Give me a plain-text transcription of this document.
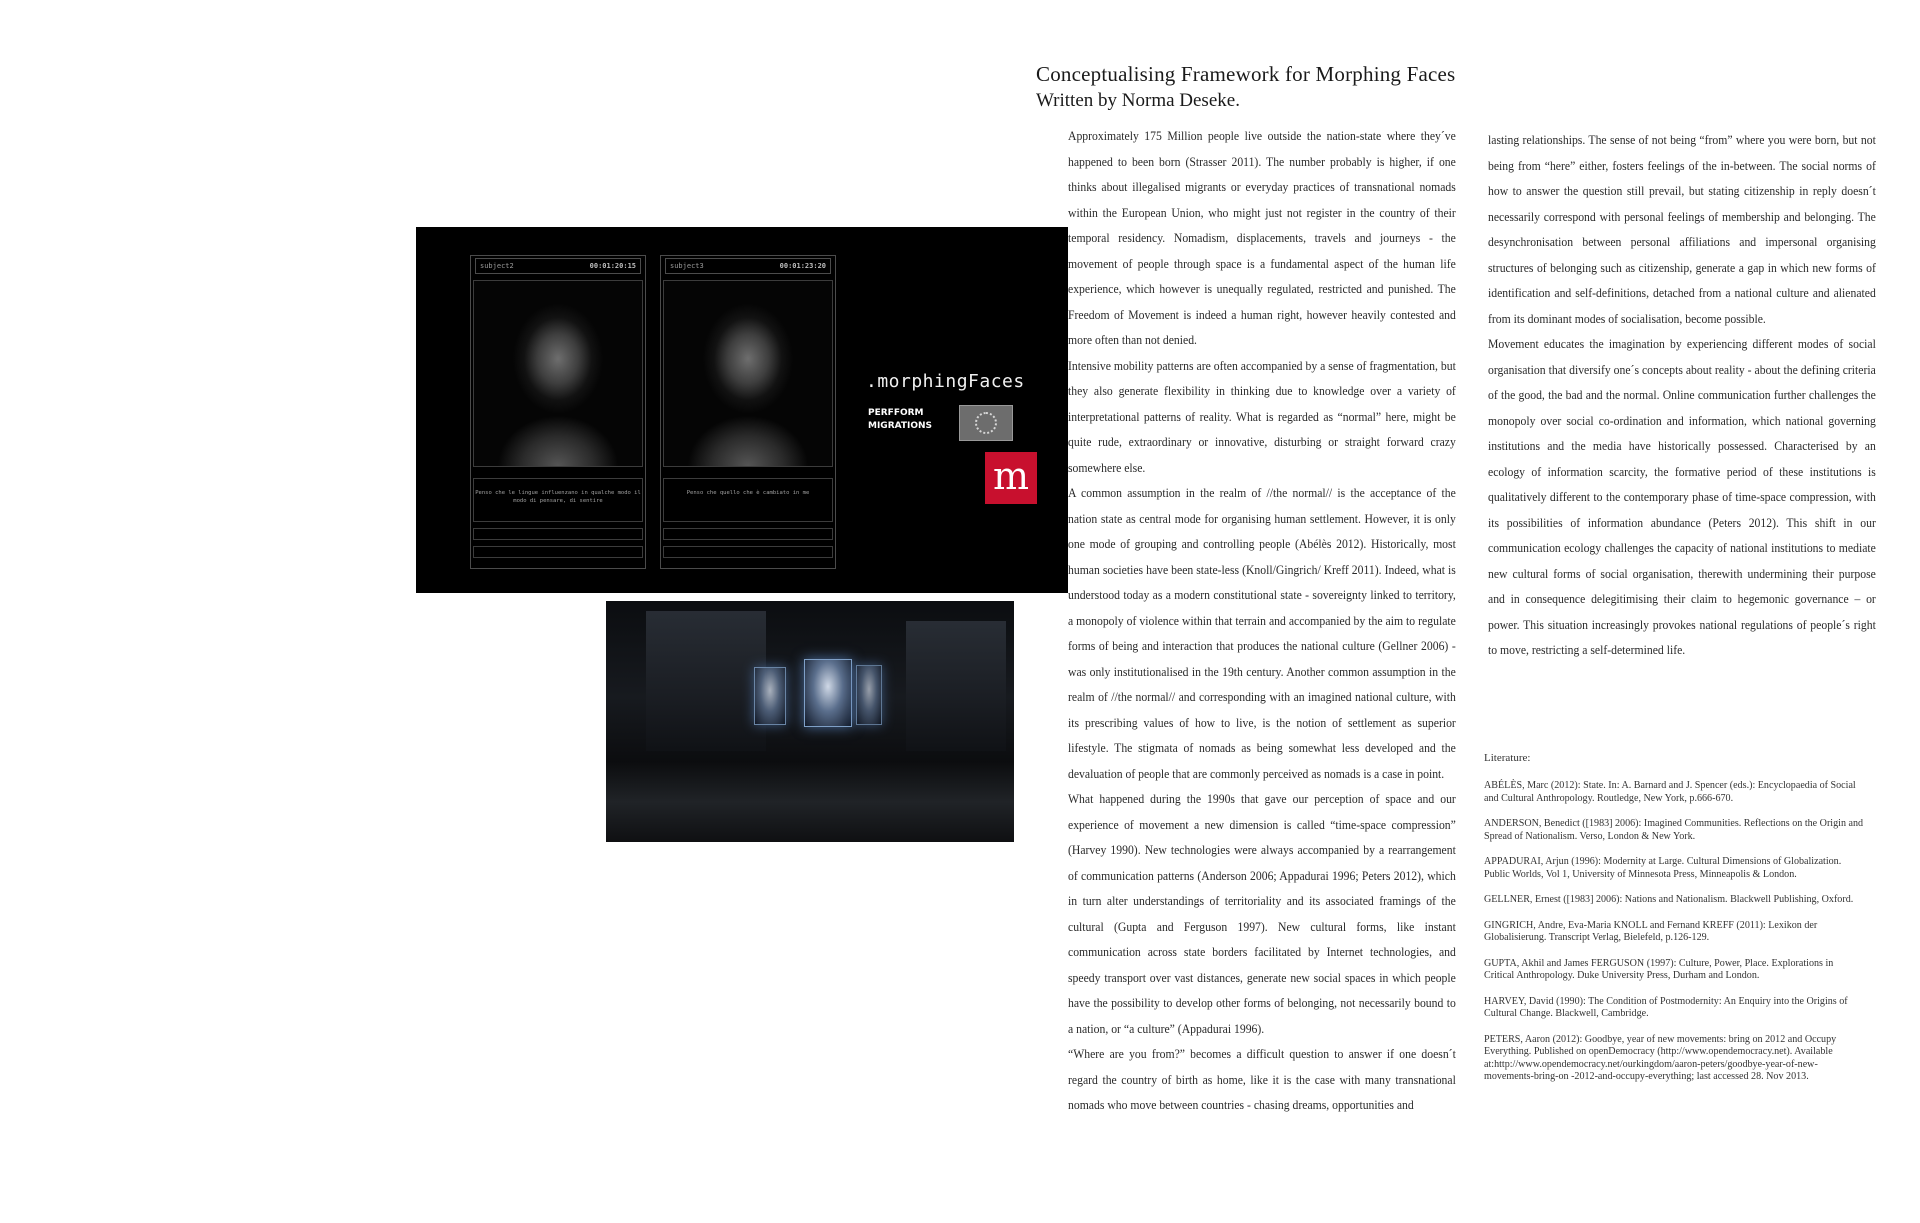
Conceptualising Framework for Morphing Faces
Written by Norma Deseke.
subject2	00:01:20:15
Penso che le lingue influenzano in qualche modo il modo di pensare, di sentire
subject3	00:01:23:20
Penso che quello che è cambiato in me
.morphingFaces
PERFFORM
MIGRATIONS
m

Approximately 175 Million people live outside the nation-state where they´ve happened to been born (Strasser 2011). The number probably is higher, if one thinks about illegalised migrants or everyday practices of transnational nomads within the European Union, who might just not register in the country of their temporal residency. Nomadism, displacements, travels and journeys - the movement of people through space is a fundamental aspect of the human life experience, which however is unequally regulated, restricted and punished. The Freedom of Movement is indeed a human right, however heavily contested and more often than not denied.

Intensive mobility patterns are often accompanied by a sense of fragmentation, but they also generate flexibility in thinking due to knowledge over a variety of interpretational patterns of reality. What is regarded as “normal” here, might be quite rude, extraordinary or innovative, disturbing or straight forward crazy somewhere else.

A common assumption in the realm of //the normal// is the acceptance of the nation state as central mode for organising human settlement. However, it is only one mode of grouping and controlling people (Abélès 2012). Historically, most human societies have been state-less (Knoll/Gingrich/ Kreff 2011). Indeed, what is understood today as a modern constitutional state - sovereignty linked to territory, a monopoly of violence within that terrain and accompanied by the aim to regulate forms of being and interaction that produces the national culture (Gellner 2006) - was only institutionalised in the 19th century. Another common assumption in the realm of //the normal// and corresponding with an imagined national culture, with its prescribing values of how to live, is the notion of settlement as superior lifestyle. The stigmata of nomads as being somewhat less developed and the devaluation of people that are commonly perceived as nomads is a case in point.

What happened during the 1990s that gave our perception of space and our experience of movement a new dimension is called “time-space compression” (Harvey 1990). New technologies were always accompanied by a rearrangement of communication patterns (Anderson 2006; Appadurai 1996; Peters 2012), which in turn alter understandings of territoriality and its associated framings of the cultural (Gupta and Ferguson 1997). New cultural forms, like instant communication across state borders facilitated by Internet technologies, and speedy transport over vast distances, generate new social spaces in which people have the possibility to develop other forms of belonging, not necessarily bound to a nation, or “a culture” (Appadurai 1996).

“Where are you from?” becomes a difficult question to answer if one doesn´t regard the country of birth as home, like it is the case with many transnational nomads who move between countries - chasing dreams, opportunities and

lasting relationships. The sense of not being “from” where you were born, but not being from “here” either, fosters feelings of the in-between. The social norms of how to answer the question still prevail, but stating citizenship in reply doesn´t necessarily correspond with personal feelings of membership and belonging. The desynchronisation between personal affiliations and impersonal organising structures of belonging such as citizenship, generate a gap in which new forms of identification and self-definitions, detached from a national culture and alienated from its dominant modes of socialisation, become possible.

Movement educates the imagination by experiencing different modes of social organisation that diversify one´s concepts about reality - about the defining criteria of the good, the bad and the normal. Online communication further challenges the monopoly over social co-ordination and information, which national governing institutions and the media have historically possessed. Characterised by an ecology of information scarcity, the formative period of these institutions is qualitatively different to the contemporary phase of time-space compression, with its possibilities of information abundance (Peters 2012). This shift in our communication ecology challenges the capacity of national institutions to mediate new cultural forms of social organisation, therewith undermining their purpose and in consequence delegitimising their claim to hegemonic governance – or power. This situation increasingly provokes national regulations of people´s right to move, restricting a self-determined life.

Literature:

ABÉLÈS, Marc (2012): State. In: A. Barnard and J. Spencer (eds.): Encyclopaedia of Social and Cultural Anthropology. Routledge, New York, p.666-670.

ANDERSON, Benedict ([1983] 2006): Imagined Communities. Reflections on the Origin and Spread of Nationalism. Verso, London & New York.

APPADURAI, Arjun (1996): Modernity at Large. Cultural Dimensions of Globalization. Public Worlds, Vol 1, University of Minnesota Press, Minneapolis & London.

GELLNER, Ernest ([1983] 2006): Nations and Nationalism. Blackwell Publishing, Oxford.

GINGRICH, Andre, Eva-Maria KNOLL and Fernand KREFF (2011): Lexikon der Globalisierung. Transcript Verlag, Bielefeld, p.126-129.

GUPTA, Akhil and James FERGUSON (1997): Culture, Power, Place. Explorations in Critical Anthropology. Duke University Press, Durham and London.

HARVEY, David (1990): The Condition of Postmodernity: An Enquiry into the Origins of Cultural Change. Blackwell, Cambridge.

PETERS, Aaron (2012): Goodbye, year of new movements: bring on 2012 and Occupy Everything. Published on openDemocracy (http://www.opendemocracy.net). Available at:http://www.opendemocracy.net/ourkingdom/aaron-peters/goodbye-year-of-new-movements-bring-on -2012-and-occupy-everything; last accessed 28. Nov 2013.
